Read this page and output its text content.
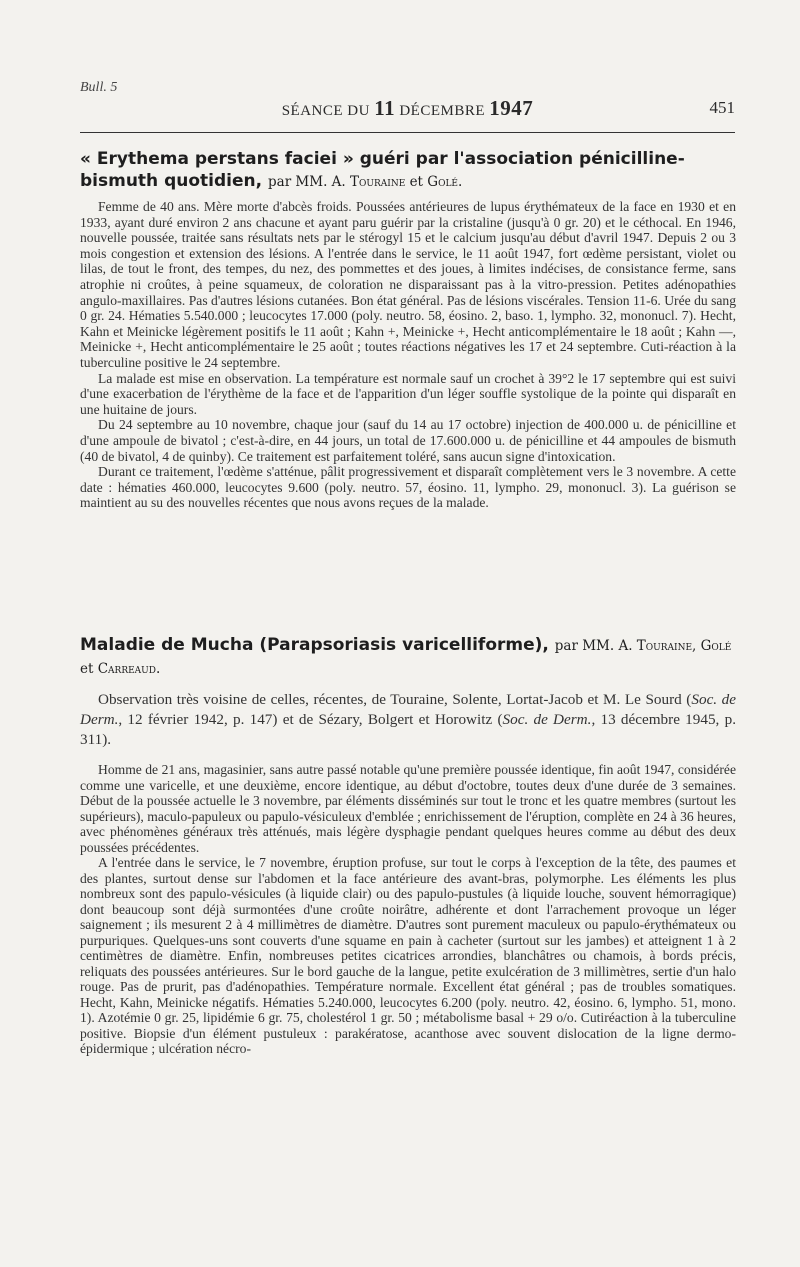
Bull. 5
SÉANCE DU 11 DÉCEMBRE 1947	451
« Erythema perstans faciei » guéri par l'association pénicilline-bismuth quotidien, par MM. A. Touraine et Golé.

Femme de 40 ans. Mère morte d'abcès froids. Poussées antérieures de lupus érythémateux de la face en 1930 et en 1933, ayant duré environ 2 ans chacune et ayant paru guérir par la cristaline (jusqu'à 0 gr. 20) et le céthocal. En 1946, nouvelle poussée, traitée sans résultats nets par le stérogyl 15 et le calcium jusqu'au début d'avril 1947. Depuis 2 ou 3 mois congestion et extension des lésions. A l'entrée dans le service, le 11 août 1947, fort œdème persistant, violet ou lilas, de tout le front, des tempes, du nez, des pommettes et des joues, à limites indécises, de consistance ferme, sans atrophie ni croûtes, à peine squameux, de coloration ne disparaissant pas à la vitro-pression. Petites adénopathies angulo-maxillaires. Pas d'autres lésions cutanées. Bon état général. Pas de lésions viscérales. Tension 11-6. Urée du sang 0 gr. 24. Hématies 5.540.000 ; leucocytes 17.000 (poly. neutro. 58, éosino. 2, baso. 1, lympho. 32, mononucl. 7). Hecht, Kahn et Meinicke légèrement positifs le 11 août ; Kahn +, Meinicke +, Hecht anticomplémentaire le 18 août ; Kahn —, Meinicke +, Hecht anticomplémentaire le 25 août ; toutes réactions négatives les 17 et 24 septembre. Cuti-réaction à la tuberculine positive le 24 septembre.

La malade est mise en observation. La température est normale sauf un crochet à 39°2 le 17 septembre qui est suivi d'une exacerbation de l'érythème de la face et de l'apparition d'un léger souffle systolique de la pointe qui disparaît en une huitaine de jours.

Du 24 septembre au 10 novembre, chaque jour (sauf du 14 au 17 octobre) injection de 400.000 u. de pénicilline et d'une ampoule de bivatol ; c'est-à-dire, en 44 jours, un total de 17.600.000 u. de pénicilline et 44 ampoules de bismuth (40 de bivatol, 4 de quinby). Ce traitement est parfaitement toléré, sans aucun signe d'intoxication.

Durant ce traitement, l'œdème s'atténue, pâlit progressivement et disparaît complètement vers le 3 novembre. A cette date : hématies 460.000, leucocytes 9.600 (poly. neutro. 57, éosino. 11, lympho. 29, mononucl. 3). La guérison se maintient au su des nouvelles récentes que nous avons reçues de la malade.

Maladie de Mucha (Parapsoriasis varicelliforme), par MM. A. Touraine, Golé et Carreaud.

Observation très voisine de celles, récentes, de Touraine, Solente, Lortat-Jacob et M. Le Sourd (Soc. de Derm., 12 février 1942, p. 147) et de Sézary, Bolgert et Horowitz (Soc. de Derm., 13 décembre 1945, p. 311).

Homme de 21 ans, magasinier, sans autre passé notable qu'une première poussée identique, fin août 1947, considérée comme une varicelle, et une deuxième, encore identique, au début d'octobre, toutes deux d'une durée de 3 semaines. Début de la poussée actuelle le 3 novembre, par éléments disséminés sur tout le tronc et les quatre membres (surtout les supérieurs), maculo-papuleux ou papulo-vésiculeux d'emblée ; enrichissement de l'éruption, complète en 24 à 36 heures, avec phénomènes généraux très atténués, mais légère dysphagie pendant quelques heures comme au début des deux poussées précédentes.

A l'entrée dans le service, le 7 novembre, éruption profuse, sur tout le corps à l'exception de la tête, des paumes et des plantes, surtout dense sur l'abdomen et la face antérieure des avant-bras, polymorphe. Les éléments les plus nombreux sont des papulo-vésicules (à liquide clair) ou des papulo-pustules (à liquide louche, souvent hémorragique) dont beaucoup sont déjà surmontées d'une croûte noirâtre, adhérente et dont l'arrachement provoque un léger saignement ; ils mesurent 2 à 4 millimètres de diamètre. D'autres sont purement maculeux ou papulo-érythémateux ou purpuriques. Quelques-uns sont couverts d'une squame en pain à cacheter (surtout sur les jambes) et atteignent 1 à 2 centimètres de diamètre. Enfin, nombreuses petites cicatrices arrondies, blanchâtres ou chamois, à bords précis, reliquats des poussées antérieures. Sur le bord gauche de la langue, petite exulcération de 3 millimètres, sertie d'un halo rouge. Pas de prurit, pas d'adénopathies. Température normale. Excellent état général ; pas de troubles somatiques. Hecht, Kahn, Meinicke négatifs. Hématies 5.240.000, leucocytes 6.200 (poly. neutro. 42, éosino. 6, lympho. 51, mono. 1). Azotémie 0 gr. 25, lipidémie 6 gr. 75, cholestérol 1 gr. 50 ; métabolisme basal + 29 o/o. Cutiréaction à la tuberculine positive. Biopsie d'un élément pustuleux : parakératose, acanthose avec souvent dislocation de la ligne dermo-épidermique ; ulcération nécro-
